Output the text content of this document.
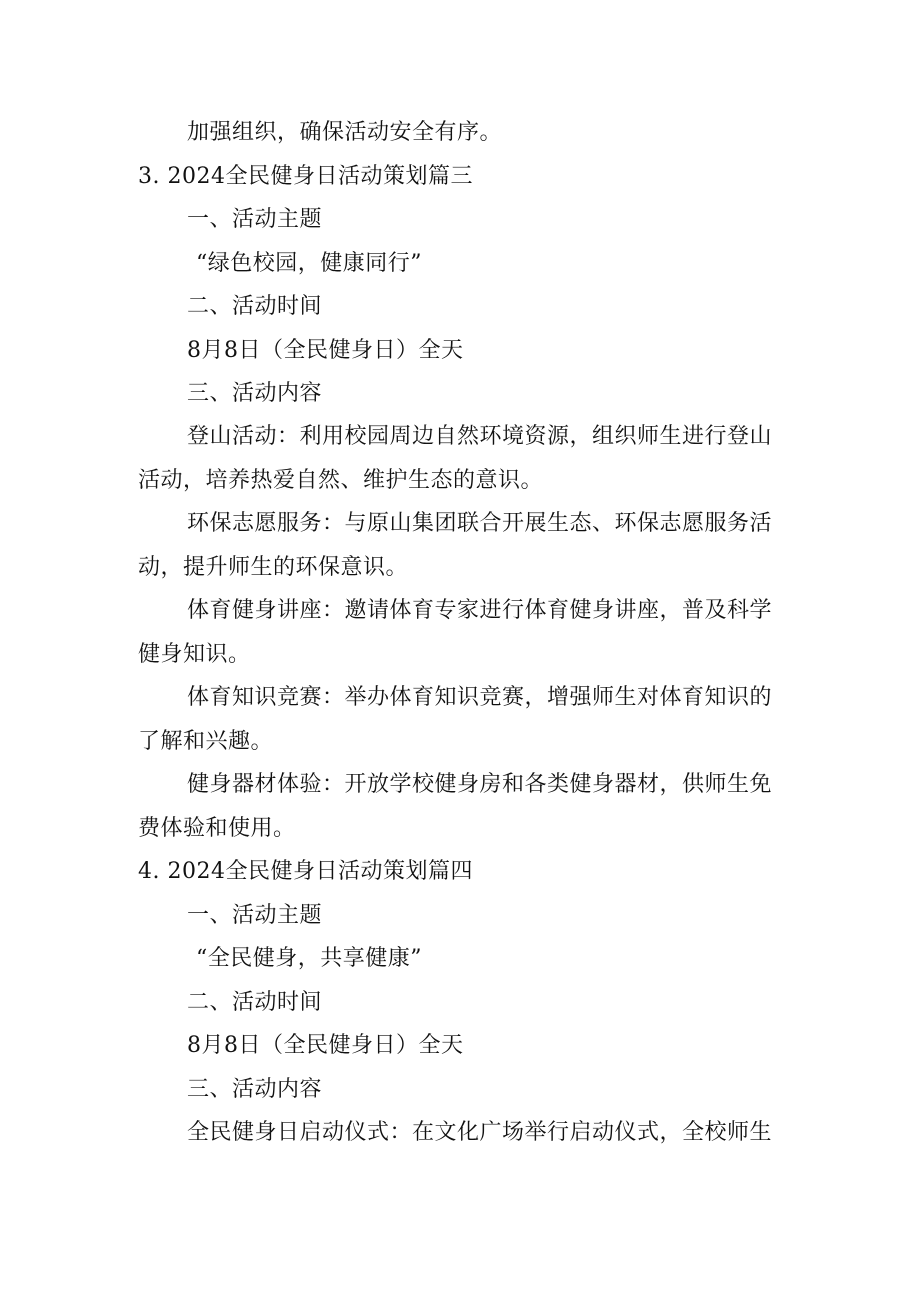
加强组织，确保活动安全有序。
3. 2024全民健身日活动策划篇三
一、活动主题
“绿色校园，健康同行”
二、活动时间
8月8日（全民健身日）全天
三、活动内容
登山活动：利用校园周边自然环境资源，组织师生进行登山
活动，培养热爱自然、维护生态的意识。
环保志愿服务：与原山集团联合开展生态、环保志愿服务活
动，提升师生的环保意识。
体育健身讲座：邀请体育专家进行体育健身讲座，普及科学
健身知识。
体育知识竞赛：举办体育知识竞赛，增强师生对体育知识的
了解和兴趣。
健身器材体验：开放学校健身房和各类健身器材，供师生免
费体验和使用。
4. 2024全民健身日活动策划篇四
一、活动主题
“全民健身，共享健康”
二、活动时间
8月8日（全民健身日）全天
三、活动内容
全民健身日启动仪式：在文化广场举行启动仪式，全校师生
